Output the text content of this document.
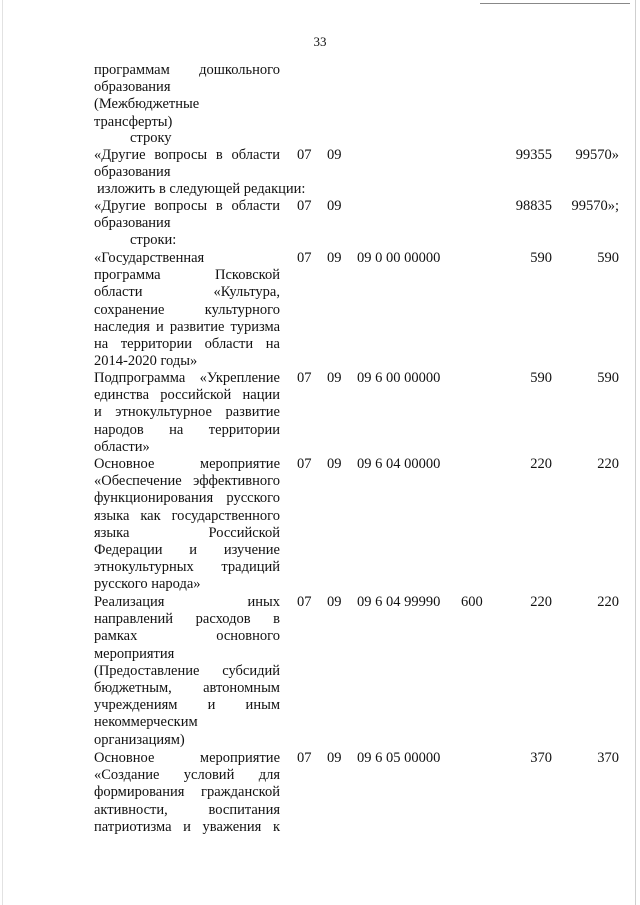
33
программам дошкольного
образования
(Межбюджетные
трансферты)
строку
«Другие вопросы в области
образования
07 09	99355 99570»
изложить в следующей редакции:
«Другие вопросы в области
образования
07 09	98835 99570»;
строки:
«Государственная
программа Псковской
области «Культура,
сохранение культурного
наследия и развитие туризма
на территории области на
2014-2020 годы»
07 09 09 0 00 00000	590	590
Подпрограмма «Укрепление
единства российской нации
и этнокультурное развитие
народов на территории
области»
07 09 09 6 00 00000	590	590
Основное мероприятие
«Обеспечение эффективного
функционирования русского
языка как государственного
языка Российской
Федерации и изучение
этнокультурных традиций
русского народа»
07 09 09 6 04 00000	220	220
Реализация иных
направлений расходов в
рамках основного
мероприятия
(Предоставление субсидий
бюджетным, автономным
учреждениям и иным
некоммерческим
организациям)
07 09 09 6 04 99990 600	220	220
Основное мероприятие
«Создание условий для
формирования гражданской
активности, воспитания
патриотизма и уважения к
07 09 09 6 05 00000	370	370
